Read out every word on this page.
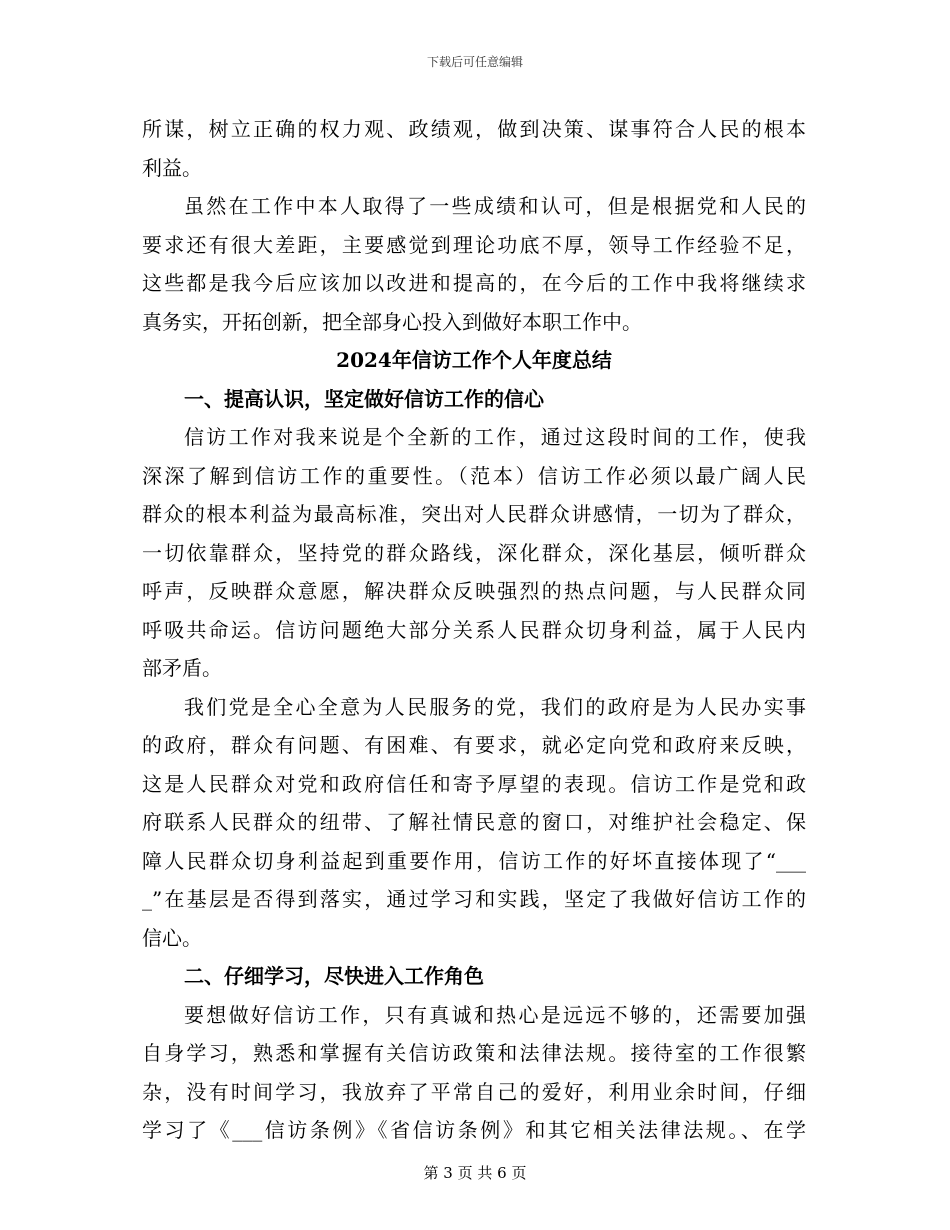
下载后可任意编辑
所谋，树立正确的权力观、政绩观，做到决策、谋事符合人民的根本
利益。
虽然在工作中本人取得了一些成绩和认可，但是根据党和人民的
要求还有很大差距，主要感觉到理论功底不厚，领导工作经验不足，
这些都是我今后应该加以改进和提高的，在今后的工作中我将继续求
真务实，开拓创新，把全部身心投入到做好本职工作中。
2024年信访工作个人年度总结
一、提高认识，坚定做好信访工作的信心
信访工作对我来说是个全新的工作，通过这段时间的工作，使我
深深了解到信访工作的重要性。（范本）信访工作必须以最广阔人民
群众的根本利益为最高标准，突出对人民群众讲感情，一切为了群众，
一切依靠群众，坚持党的群众路线，深化群众，深化基层，倾听群众
呼声，反映群众意愿，解决群众反映强烈的热点问题，与人民群众同
呼吸共命运。信访问题绝大部分关系人民群众切身利益，属于人民内
部矛盾。
我们党是全心全意为人民服务的党，我们的政府是为人民办实事
的政府，群众有问题、有困难、有要求，就必定向党和政府来反映，
这是人民群众对党和政府信任和寄予厚望的表现。信访工作是党和政
府联系人民群众的纽带、了解社情民意的窗口，对维护社会稳定、保
障人民群众切身利益起到重要作用，信访工作的好坏直接体现了“___
_”在基层是否得到落实，通过学习和实践，坚定了我做好信访工作的
信心。
二、仔细学习，尽快进入工作角色
要想做好信访工作，只有真诚和热心是远远不够的，还需要加强
自身学习，熟悉和掌握有关信访政策和法律法规。接待室的工作很繁
杂，没有时间学习，我放弃了平常自己的爱好，利用业余时间，仔细
学习了《___信访条例》《省信访条例》和其它相关法律法规。、在学
第 3 页 共 6 页
